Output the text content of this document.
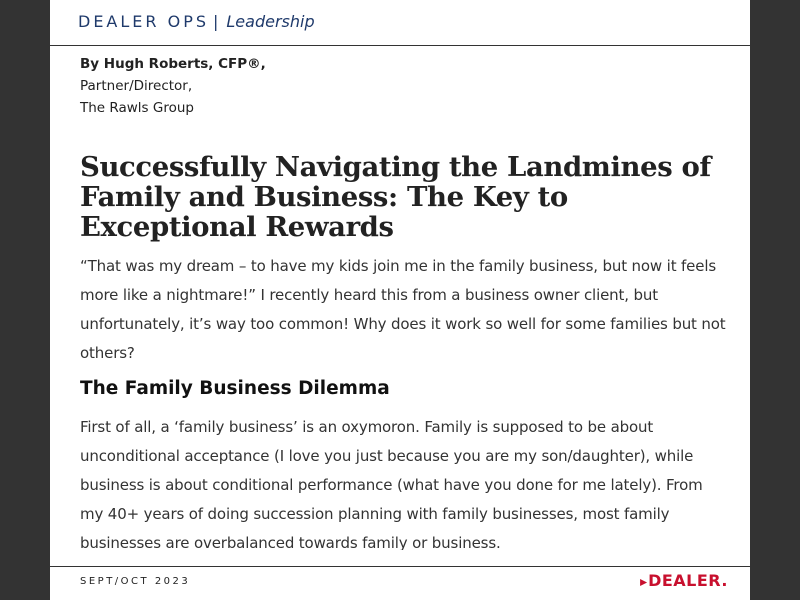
DEALER OPS | Leadership
By Hugh Roberts, CFP®,
Partner/Director,
The Rawls Group
Successfully Navigating the Landmines of Family and Business: The Key to Exceptional Rewards

“That was my dream – to have my kids join me in the family business, but now it feels more like a nightmare!” I recently heard this from a business owner client, but unfortunately, it’s way too common! Why does it work so well for some families but not others?

The Family Business Dilemma

First of all, a ‘family business’ is an oxymoron. Family is supposed to be about unconditional acceptance (I love you just because you are my son/daughter), while business is about conditional performance (what have you done for me lately). From my 40+ years of doing succession planning with family businesses, most family businesses are overbalanced towards family or business.

SEPT/OCT 2023	DEALER.
